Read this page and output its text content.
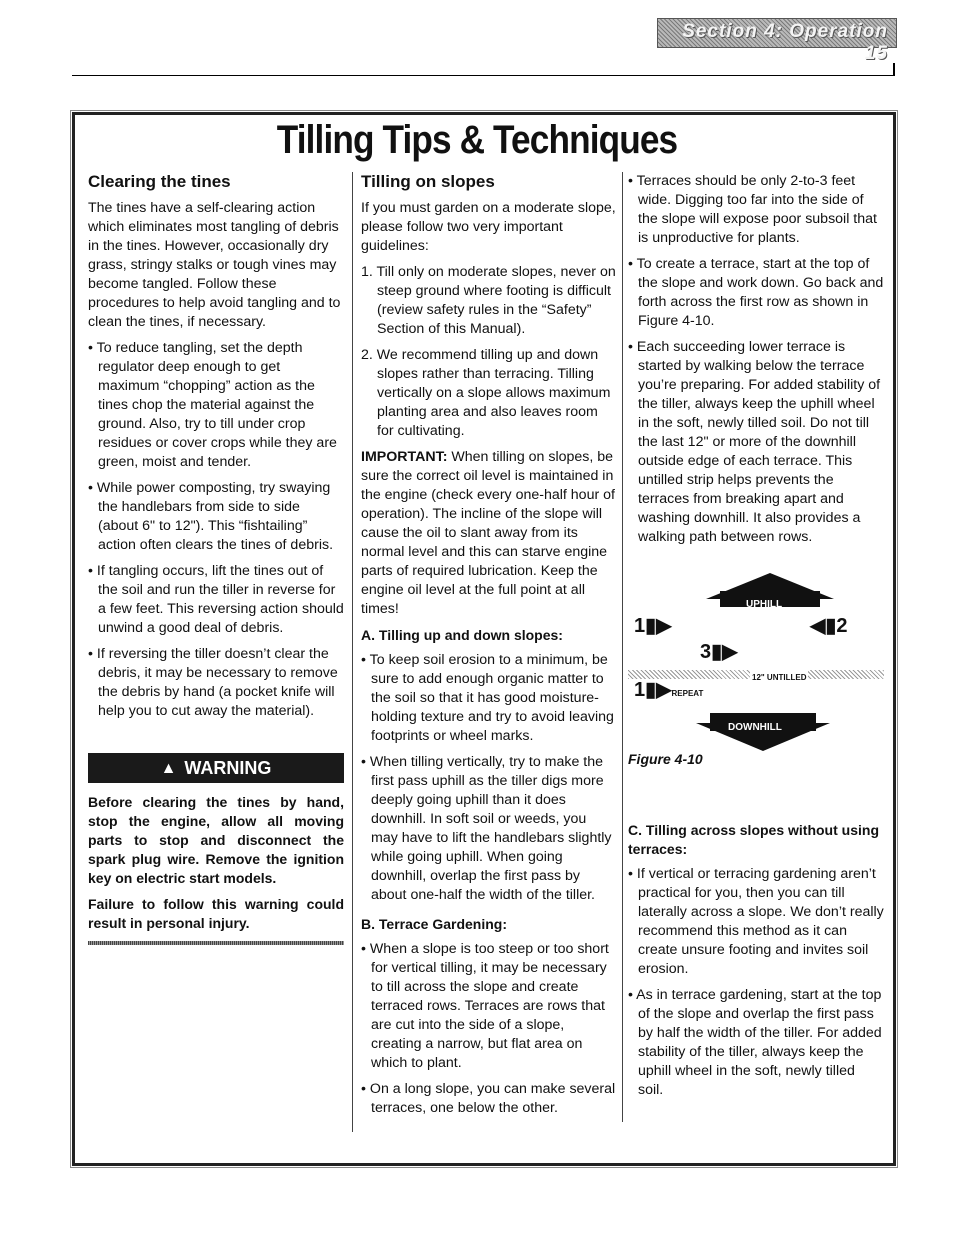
Section 4: Operation 15
Tilling Tips & Techniques
Clearing the tines

The tines have a self-clearing action which eliminates most tangling of debris in the tines. However, occasionally dry grass, stringy stalks or tough vines may become tangled. Follow these procedures to help avoid tangling and to clean the tines, if necessary.

• To reduce tangling, set the depth regulator deep enough to get maximum “chopping” action as the tines chop the material against the ground. Also, try to till under crop residues or cover crops while they are green, moist and tender.

• While power composting, try swaying the handlebars from side to side (about 6" to 12"). This “fishtailing” action often clears the tines of debris.

• If tangling occurs, lift the tines out of the soil and run the tiller in reverse for a few feet. This reversing action should unwind a good deal of debris.

• If reversing the tiller doesn’t clear the debris, it may be necessary to remove the debris by hand (a pocket knife will help you to cut away the material).

▲ WARNING

Before clearing the tines by hand, stop the engine, allow all moving parts to stop and disconnect the spark plug wire. Remove the ignition key on electric start models.

Failure to follow this warning could result in personal injury.

Tilling on slopes

If you must garden on a moderate slope, please follow two very important guidelines:

1. Till only on moderate slopes, never on steep ground where footing is difficult (review safety rules in the “Safety” Section of this Manual).

2. We recommend tilling up and down slopes rather than terracing. Tilling vertically on a slope allows maximum planting area and also leaves room for cultivating.

IMPORTANT: When tilling on slopes, be sure the correct oil level is maintained in the engine (check every one-half hour of operation). The incline of the slope will cause the oil to slant away from its normal level and this can starve engine parts of required lubrication. Keep the engine oil level at the full point at all times!

A. Tilling up and down slopes:

• To keep soil erosion to a minimum, be sure to add enough organic matter to the soil so that it has good moisture-holding texture and try to avoid leaving footprints or wheel marks.

• When tilling vertically, try to make the first pass uphill as the tiller digs more deeply going uphill than it does downhill. In soft soil or weeds, you may have to lift the handlebars slightly while going uphill. When going downhill, overlap the first pass by about one-half the width of the tiller.

B. Terrace Gardening:

• When a slope is too steep or too short for vertical tilling, it may be necessary to till across the slope and create terraced rows. Terraces are rows that are cut into the side of a slope, creating a narrow, but flat area on which to plant.

• On a long slope, you can make several terraces, one below the other.

• Terraces should be only 2-to-3 feet wide. Digging too far into the side of the slope will expose poor subsoil that is unproductive for plants.

• To create a terrace, start at the top of the slope and work down. Go back and forth across the first row as shown in Figure 4-10.

• Each succeeding lower terrace is started by walking below the terrace you’re preparing. For added stability of the tiller, always keep the uphill wheel in the soft, newly tilled soil. Do not till the last 12" or more of the downhill outside edge of each terrace. This untilled strip helps prevents the terraces from breaking apart and washing downhill. It also provides a walking path between rows.

UPHILL
1▮▶	◀▮2
3▮▶
12" UNTILLED
1▮▶REPEAT
DOWNHILL
Figure 4-10
C. Tilling across slopes without using terraces:

• If vertical or terracing gardening aren’t practical for you, then you can till laterally across a slope. We don’t really recommend this method as it can create unsure footing and invites soil erosion.

• As in terrace gardening, start at the top of the slope and overlap the first pass by half the width of the tiller. For added stability of the tiller, always keep the uphill wheel in the soft, newly tilled soil.
